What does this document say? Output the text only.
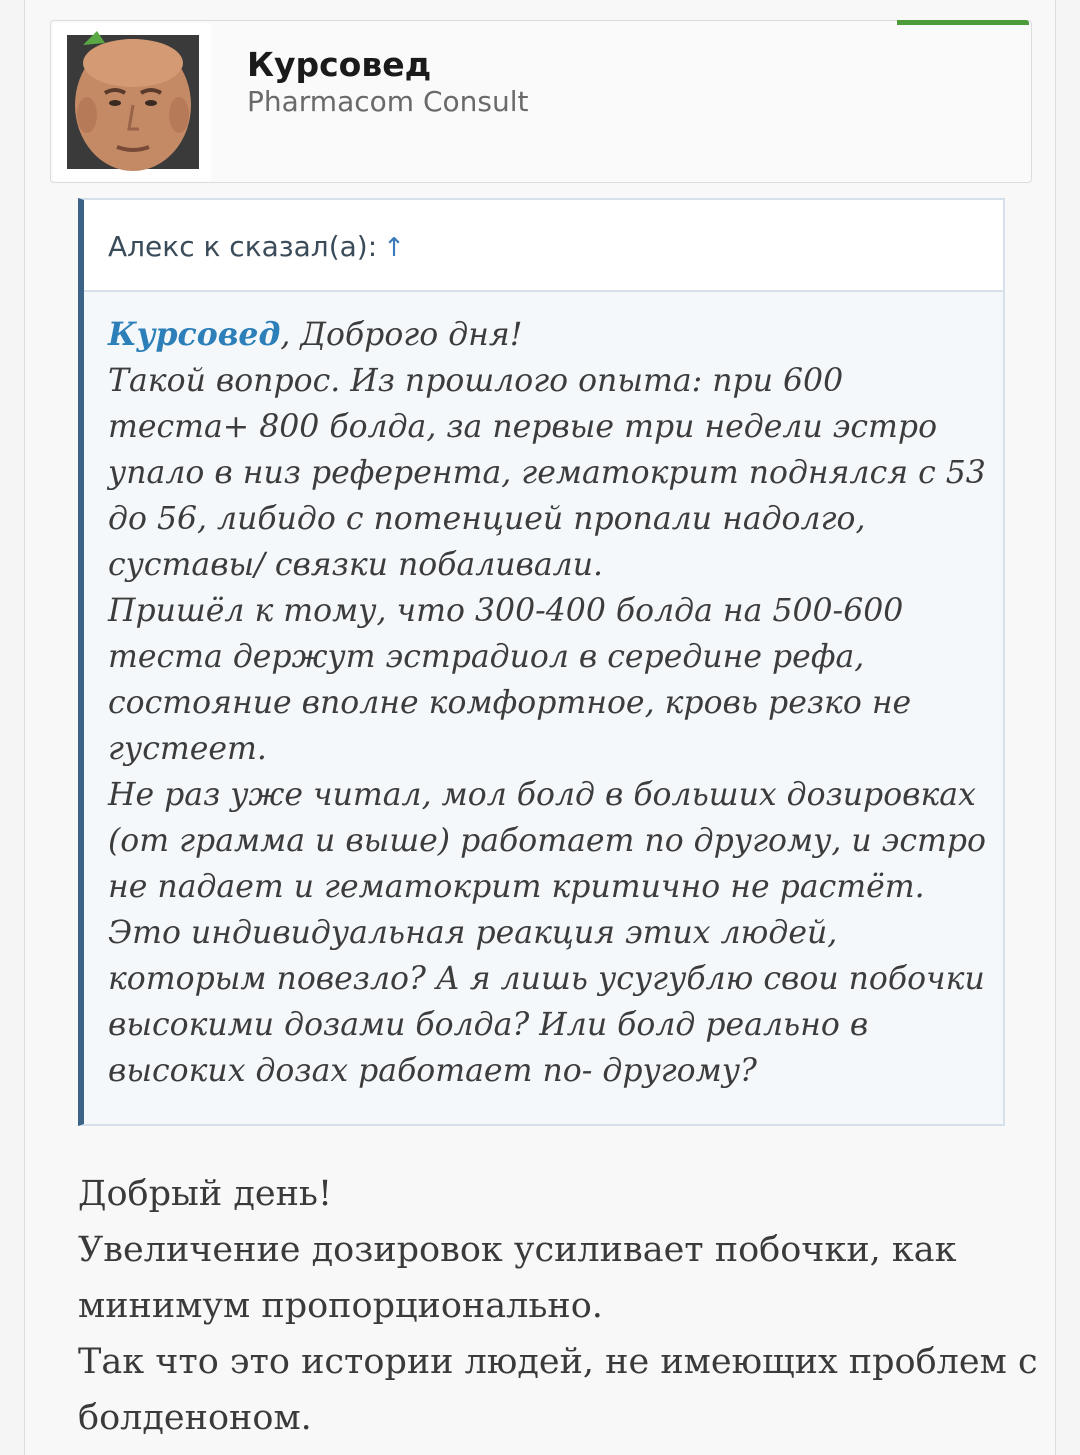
Курсовед
Pharmacom Consult
Алекс к сказал(а): ↑

Курсовед, Доброго дня!

Такой вопрос. Из прошлого опыта: при 600 теста+ 800 болда, за первые три недели эстро упало в низ референта, гематокрит поднялся с 53 до 56, либидо с потенцией пропали надолго, суставы/ связки побаливали.

Пришёл к тому, что 300-400 болда на 500-600 теста держут эстрадиол в середине рефа, состояние вполне комфортное, кровь резко не густеет.

Не раз уже читал, мол болд в больших дозировках (от грамма и выше) работает по другому, и эстро не падает и гематокрит критично не растёт. Это индивидуальная реакция этих людей, которым повезло? А я лишь усугублю свои побочки высокими дозами болда? Или болд реально в высоких дозах работает по- другому?

Добрый день!

Увеличение дозировок усиливает побочки, как минимум пропорционально.

Так что это истории людей, не имеющих проблем с болденоном.
